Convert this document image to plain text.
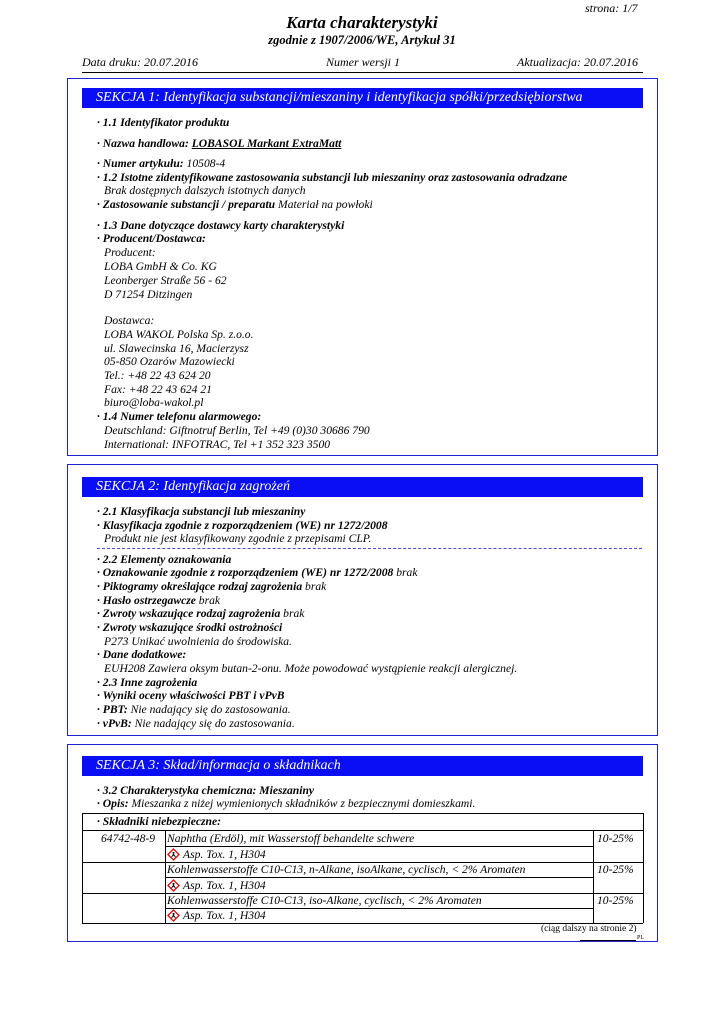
strona: 1/7
Karta charakterystyki
zgodnie z 1907/2006/WE, Artykuł 31
Data druku: 20.07.2016	Numer wersji 1	Aktualizacja: 20.07.2016
SEKCJA 1: Identyfikacja substancji/mieszaniny i identyfikacja spółki/przedsiębiorstwa
· 1.1 Identyfikator produktu
· Nazwa handlowa: LOBASOL Markant ExtraMatt
· Numer artykułu: 10508-4
· 1.2 Istotne zidentyfikowane zastosowania substancji lub mieszaniny oraz zastosowania odradzane
Brak dostępnych dalszych istotnych danych
· Zastosowanie substancji / preparatu Materiał na powłoki
· 1.3 Dane dotyczące dostawcy karty charakterystyki
· Producent/Dostawca:
Producent:
LOBA GmbH & Co. KG
Leonberger Straße 56 - 62
D 71254 Ditzingen
Dostawca:
LOBA WAKOL Polska Sp. z.o.o.
ul. Slawecinska 16, Macierzysz
05-850 Ozarów Mazowiecki
Tel.: +48 22 43 624 20
Fax: +48 22 43 624 21
biuro@loba-wakol.pl
· 1.4 Numer telefonu alarmowego:
Deutschland: Giftnotruf Berlin, Tel +49 (0)30 30686 790
International: INFOTRAC, Tel +1 352 323 3500
SEKCJA 2: Identyfikacja zagrożeń
· 2.1 Klasyfikacja substancji lub mieszaniny
· Klasyfikacja zgodnie z rozporządzeniem (WE) nr 1272/2008
Produkt nie jest klasyfikowany zgodnie z przepisami CLP.
· 2.2 Elementy oznakowania
· Oznakowanie zgodnie z rozporządzeniem (WE) nr 1272/2008 brak
· Piktogramy określające rodzaj zagrożenia brak
· Hasło ostrzegawcze brak
· Zwroty wskazujące rodzaj zagrożenia brak
· Zwroty wskazujące środki ostrożności
P273 Unikać uwolnienia do środowiska.
· Dane dodatkowe:
EUH208 Zawiera oksym butan-2-onu. Może powodować wystąpienie reakcji alergicznej.
· 2.3 Inne zagrożenia
· Wyniki oceny właściwości PBT i vPvB
· PBT: Nie nadający się do zastosowania.
· vPvB: Nie nadający się do zastosowania.
SEKCJA 3: Skład/informacja o składnikach
· 3.2 Charakterystyka chemiczna: Mieszaniny
· Opis: Mieszanka z niżej wymienionych składników z bezpiecznymi domieszkami.
· Składniki niebezpieczne:
64742-48-9 Naphtha (Erdöl), mit Wasserstoff behandelte schwere	10-25%
Asp. Tox. 1, H304
Kohlenwasserstoffe C10-C13, n-Alkane, isoAlkane, cyclisch, < 2% Aromaten	10-25%
Asp. Tox. 1, H304
Kohlenwasserstoffe C10-C13, iso-Alkane, cyclisch, < 2% Aromaten	10-25%
Asp. Tox. 1, H304
(ciąg dalszy na stronie 2)
PL
